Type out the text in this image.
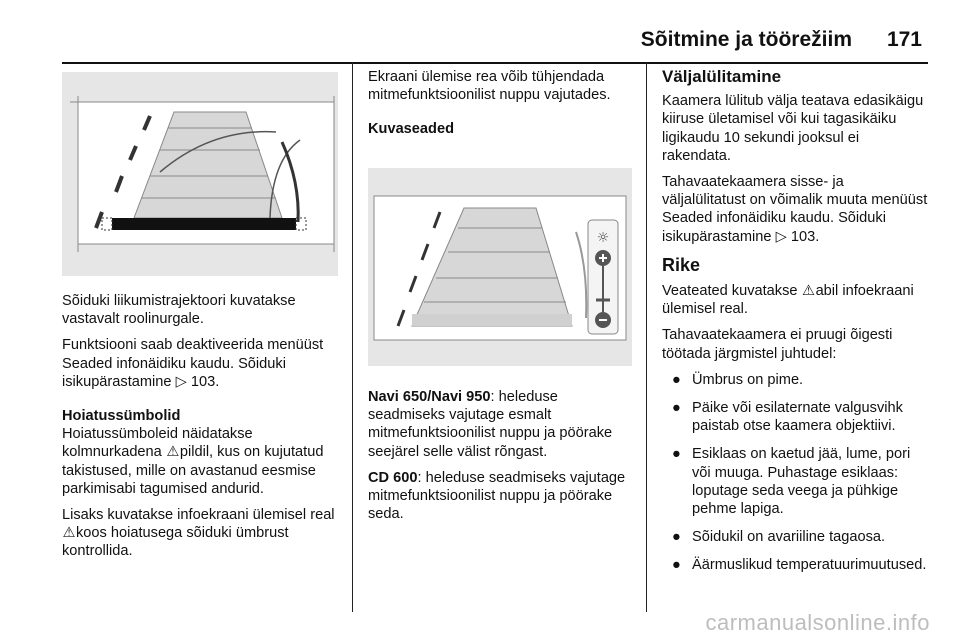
Sõitmine ja töörežiim 171

Sõiduki liikumistrajektoori kuvatakse vastavalt roolinurgale.

Funktsiooni saab deaktiveerida menüüst Seaded infonäidiku kaudu. Sõiduki isikupärastamine ▷ 103.

Hoiatussümbolid

Hoiatussümboleid näidatakse kolmnurkadena ⚠pildil, kus on kujutatud takistused, mille on avastanud eesmise parkimisabi tagumised andurid.

Lisaks kuvatakse infoekraani ülemisel real ⚠koos hoiatusega sõiduki ümbrust kontrollida.

Ekraani ülemise rea võib tühjendada mitmefunktsioonilist nuppu vajutades.

Kuvaseaded
☼

Navi 650/Navi 950: heleduse seadmiseks vajutage esmalt mitmefunktsioonilist nuppu ja pöörake seejärel selle välist rõngast.

CD 600: heleduse seadmiseks vajutage mitmefunktsioonilist nuppu ja pöörake seda.

Väljalülitamine

Kaamera lülitub välja teatava edasikäigu kiiruse ületamisel või kui tagasikäiku ligikaudu 10 sekundi jooksul ei rakendata.

Tahavaatekaamera sisse- ja väljalülitatust on võimalik muuta menüüst Seaded infonäidiku kaudu. Sõiduki isikupärastamine ▷ 103.

Rike

Veateated kuvatakse ⚠abil infoekraani ülemisel real.

Tahavaatekaamera ei pruugi õigesti töötada järgmistel juhtudel:

● Ümbrus on pime.
● Päike või esilaternate valgusvihk paistab otse kaamera objektiivi.
● Esiklaas on kaetud jää, lume, pori või muuga. Puhastage esiklaas: loputage seda veega ja pühkige pehme lapiga.
● Sõidukil on avariiline tagaosa.
● Äärmuslikud temperatuurimuutused.
carmanualsonline.info
